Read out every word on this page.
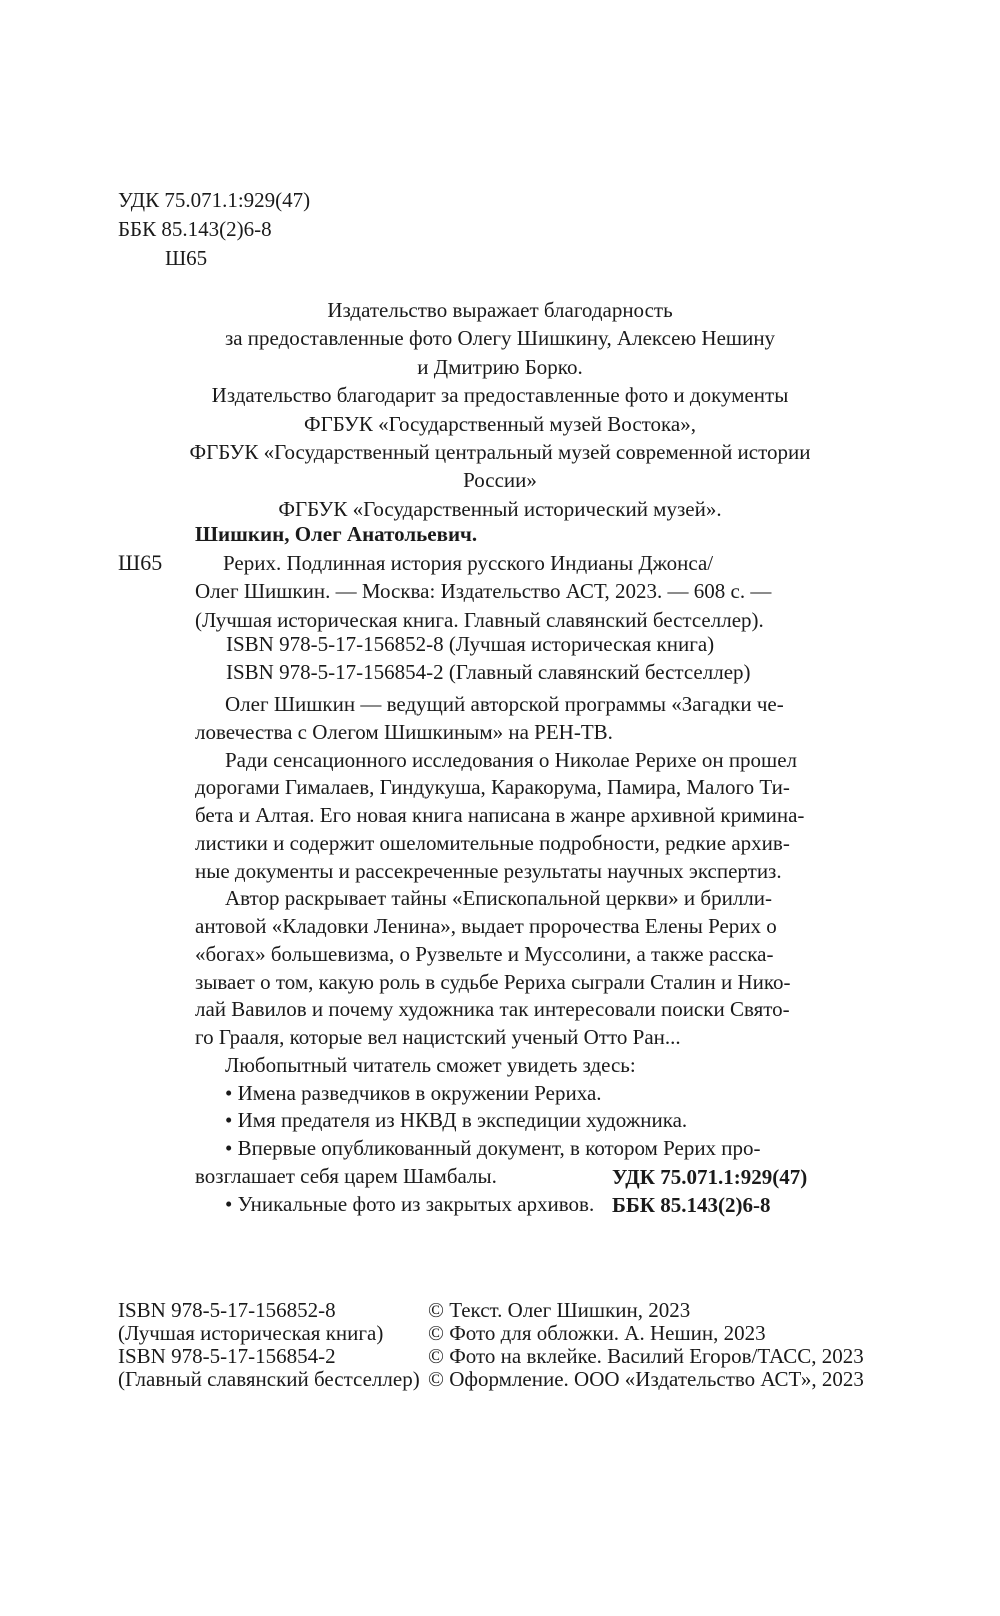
УДК 75.071.1:929(47)
ББК 85.143(2)6-8
Ш65
Издательство выражает благодарность
за предоставленные фото Олегу Шишкину, Алексею Нешину
и Дмитрию Борко.
Издательство благодарит за предоставленные фото и документы
ФГБУК «Государственный музей Востока»,
ФГБУК «Государственный центральный музей современной истории
России»
ФГБУК «Государственный исторический музей».
Ш65
Шишкин, Олег Анатольевич.
Рерих. Подлинная история русского Индианы Джонса/
Олег Шишкин. — Москва: Издательство АСТ, 2023. — 608 с. —
(Лучшая историческая книга. Главный славянский бестселлер).
ISBN 978-5-17-156852-8 (Лучшая историческая книга)
ISBN 978-5-17-156854-2 (Главный славянский бестселлер)
Олег Шишкин — ведущий авторской программы «Загадки че-
ловечества с Олегом Шишкиным» на РЕН-ТВ.
Ради сенсационного исследования о Николае Рерихе он прошел
дорогами Гималаев, Гиндукуша, Каракорума, Памира, Малого Ти-
бета и Алтая. Его новая книга написана в жанре архивной кримина-
листики и содержит ошеломительные подробности, редкие архив-
ные документы и рассекреченные результаты научных экспертиз.
Автор раскрывает тайны «Епископальной церкви» и брилли-
антовой «Кладовки Ленина», выдает пророчества Елены Рерих о
«богах» большевизма, о Рузвельте и Муссолини, а также расска-
зывает о том, какую роль в судьбе Рериха сыграли Сталин и Нико-
лай Вавилов и почему художника так интересовали поиски Свято-
го Грааля, которые вел нацистский ученый Отто Ран...
Любопытный читатель сможет увидеть здесь:
• Имена разведчиков в окружении Рериха.
• Имя предателя из НКВД в экспедиции художника.
• Впервые опубликованный документ, в котором Рерих про-
возглашает себя царем Шамбалы.
• Уникальные фото из закрытых архивов.
УДК 75.071.1:929(47)
ББК 85.143(2)6-8
ISBN 978-5-17-156852-8
(Лучшая историческая книга)
ISBN 978-5-17-156854-2
(Главный славянский бестселлер)
© Текст. Олег Шишкин, 2023
© Фото для обложки. А. Нешин, 2023
© Фото на вклейке. Василий Егоров/ТАСС, 2023
© Оформление. ООО «Издательство АСТ», 2023
